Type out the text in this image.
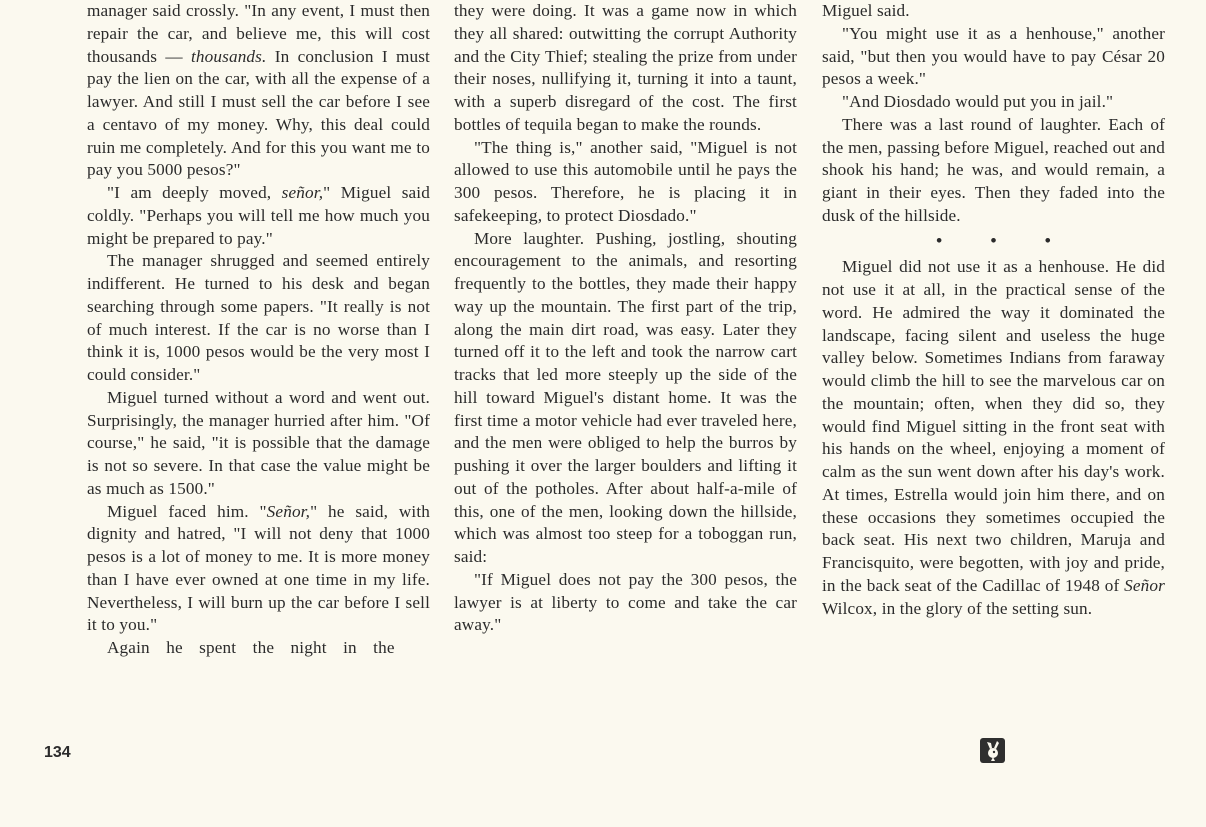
manager said crossly. "In any event, I must then repair the car, and believe me, this will cost thousands — thousands. In conclusion I must pay the lien on the car, with all the expense of a lawyer. And still I must sell the car before I see a centavo of my money. Why, this deal could ruin me completely. And for this you want me to pay you 5000 pesos?"

"I am deeply moved, señor," Miguel said coldly. "Perhaps you will tell me how much you might be prepared to pay."

The manager shrugged and seemed entirely indifferent. He turned to his desk and began searching through some papers. "It really is not of much interest. If the car is no worse than I think it is, 1000 pesos would be the very most I could consider."

Miguel turned without a word and went out. Surprisingly, the manager hurried after him. "Of course," he said, "it is possible that the damage is not so severe. In that case the value might be as much as 1500."

Miguel faced him. "Señor," he said, with dignity and hatred, "I will not deny that 1000 pesos is a lot of money to me. It is more money than I have ever owned at one time in my life. Nevertheless, I will burn up the car before I sell it to you."

Again he spent the night in the

they were doing. It was a game now in which they all shared: outwitting the corrupt Authority and the City Thief; stealing the prize from under their noses, nullifying it, turning it into a taunt, with a superb disregard of the cost. The first bottles of tequila began to make the rounds.

"The thing is," another said, "Miguel is not allowed to use this automobile until he pays the 300 pesos. Therefore, he is placing it in safekeeping, to protect Diosdado."

More laughter. Pushing, jostling, shouting encouragement to the animals, and resorting frequently to the bottles, they made their happy way up the mountain. The first part of the trip, along the main dirt road, was easy. Later they turned off it to the left and took the narrow cart tracks that led more steeply up the side of the hill toward Miguel's distant home. It was the first time a motor vehicle had ever traveled here, and the men were obliged to help the burros by pushing it over the larger boulders and lifting it out of the potholes. After about half-a-mile of this, one of the men, looking down the hillside, which was almost too steep for a toboggan run, said:

"If Miguel does not pay the 300 pesos, the lawyer is at liberty to come and take the car away."

Miguel said.

"You might use it as a henhouse," another said, "but then you would have to pay César 20 pesos a week."

"And Diosdado would put you in jail."

There was a last round of laughter. Each of the men, passing before Miguel, reached out and shook his hand; he was, and would remain, a giant in their eyes. Then they faded into the dusk of the hillside.

• • •

Miguel did not use it as a henhouse. He did not use it at all, in the practical sense of the word. He admired the way it dominated the landscape, facing silent and useless the huge valley below. Sometimes Indians from faraway would climb the hill to see the marvelous car on the mountain; often, when they did so, they would find Miguel sitting in the front seat with his hands on the wheel, enjoying a moment of calm as the sun went down after his day's work. At times, Estrella would join him there, and on these occasions they sometimes occupied the back seat. His next two children, Maruja and Francisquito, were begotten, with joy and pride, in the back seat of the Cadillac of 1948 of Señor Wilcox, in the glory of the setting sun.

134
